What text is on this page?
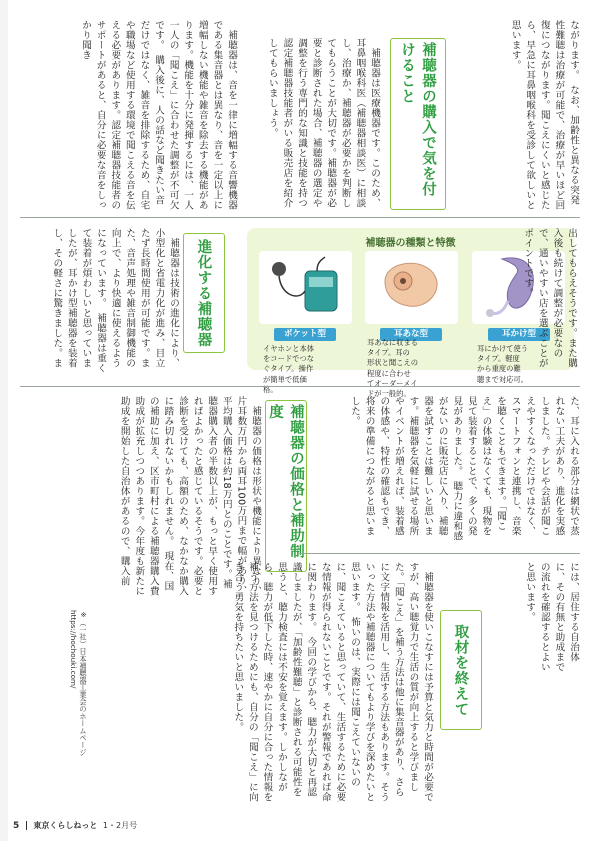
ながります。　なお、加齢性と異なる突発性難聴は治療が可能で、治療が早いほど回復につながります。聞こえにくいと感じたら、早急に耳鼻咽喉科を受診して欲しいと思います。
補聴器の購入で気を付けること
　補聴器は医療機器です。このため、耳鼻咽喉科医（補聴器相談医）に相談し、治療か、補聴器が必要かを判断してもらうことが大切です。補聴器が必要と診断された場合、補聴器の選定や調整を行う専門的な知識と技能を持つ認定補聴器技能者がいる販売店を紹介してもらいましょう。
　補聴器は、音を一律に増幅する音響機器である集音器とは異なり、音を一定以上に増幅しない機能や雑音を除去する機能があります。機能を十分に発揮するには、一人一人の「聞こえ」に合わせた調整が不可欠です。　購入後に、人の話など聞きたい音だけではなく、雑音を排除するため、自宅や職場など使用する環境で聞こえる音を伝える必要があります。認定補聴器技能者のサポートがあると、自分に必要な音をしっかり聞き
出してもらえそうです。また購入後も続けて調整が必要なので、通いやすい店を選ぶことがポイントです。
補聴器の種類と特徴
耳かけ型
耳にかけて使う
タイプ。軽度
から重度の難
聴まで対応可。
耳あな型
耳あなに収まる
タイプ。耳の
形状と聞こえの
程度に合わせ
てオーダーメイ
ドが一般的。
ポケット型
イヤホンと本体
をコードでつな
ぐタイプ。操作
が簡単で低価
格。
進化する補聴器
　補聴器は技術の進化により、小型化と省電力化が進み、目立たず長時間使用が可能です。また、音声処理や雑音制御機能の向上で、より快適に使えるようになっています。　補聴器は重くて装着が煩わしいと思っていましたが、耳かけ型補聴器を装着し、その軽さに驚きました。ま
た、耳に入れる部分は網状で蒸れない工夫があり、進化を実感しました。テレビや会話が聞こえやすくなっただけではなく、スマートフォンと連携し、音楽を聴くこともできます。「聞こえ」の体験はなくても、現物を見て装着することで、多くの発見がありました。　聴力に違和感がないのに販売店に入り、補聴器を試すことは難しいと思います。補聴器を気軽に試せる場所やイベントが増えれば、装着感の体感や、特性の確認もでき、将来の準備につながると思いました。
補聴器の価格と補助制度
　補聴器の価格は形状や機能により異なり、片耳数万円から両耳100万円まで幅があり、平均購入価格は約18万円とのことです。補聴器購入者の半数以上が、もっと早く使用すればよかったと感じているそうです。必要と診断を受けても、高額のため、なかなか購入に踏み切れないかもしれません。　現在、国の補助に加え、区市町村による補聴器購入費助成が拡充しつつあります。今年度も新たに助成を開始した自治体があるので、購入前
には、居住する自治体に、その有無と助成までの流れを確認するとよいと思います。
取材を終えて
　補聴器を使いこなすには予算と気力と時間が必要ですが、高い聴覚力で生活の質が向上すると学びました。「聞こえ」を補う方法は他に集音器があり、さらに文字情報を活用し、生活する方法もあります。そういった方法や補聴器についてもより学びを深めたいと思います。　怖いのは、実際には聞こえていないのに、聞こえていると思っていて、生活するために必要な情報が得られないことです。それが警報であれば命に関わります。　今回の学びから、聴力が大切と再認識しましたが、「加齢性難聴」と診断される可能性を思うと、聴力検査には不安を覚えます。しかしながら、聴力が低下した時、速やかに自分に合った情報を補う方法を見つけるためにも、自分の「聞こえ」に向き合う勇気を持ちたいと思いました。
※（一社）日本補聴器工業会のホームページ　https://hochouki.com/
5 東京くらしねっと 1・2月号
